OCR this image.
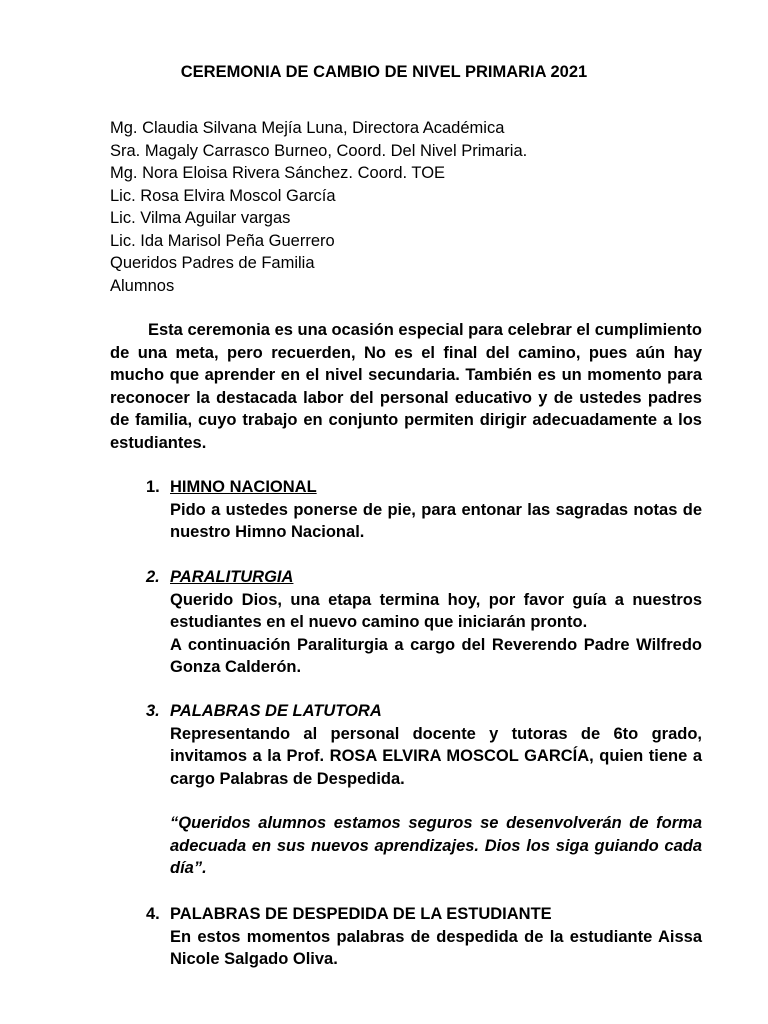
CEREMONIA DE CAMBIO DE NIVEL PRIMARIA 2021
Mg. Claudia Silvana Mejía Luna, Directora Académica
Sra. Magaly Carrasco Burneo, Coord. Del Nivel Primaria.
Mg. Nora Eloisa Rivera Sánchez. Coord. TOE
Lic. Rosa Elvira Moscol García
Lic. Vilma Aguilar vargas
Lic. Ida Marisol Peña Guerrero
Queridos Padres de Familia
Alumnos
Esta ceremonia es una ocasión especial para celebrar el cumplimiento de una meta, pero recuerden, No es el final del camino, pues aún hay mucho que aprender en el nivel secundaria. También es un momento para reconocer la destacada labor del personal educativo y de ustedes padres de familia, cuyo trabajo en conjunto permiten dirigir adecuadamente a los estudiantes.
1. HIMNO NACIONAL
Pido a ustedes ponerse de pie, para entonar las sagradas notas de nuestro Himno Nacional.
2. PARALITURGIA
Querido Dios, una etapa termina hoy, por favor guía a nuestros estudiantes en el nuevo camino que iniciarán pronto.
A continuación Paraliturgia a cargo del Reverendo Padre Wilfredo Gonza Calderón.
3. PALABRAS DE LATUTORA
Representando al personal docente y tutoras de 6to grado, invitamos a la Prof. ROSA ELVIRA MOSCOL GARCÍA, quien tiene a cargo Palabras de Despedida.
“Queridos alumnos estamos seguros se desenvolverán de forma adecuada en sus nuevos aprendizajes. Dios los siga guiando cada día”.
4. PALABRAS DE DESPEDIDA DE LA ESTUDIANTE
En estos momentos palabras de despedida de la estudiante Aissa Nicole Salgado Oliva.
